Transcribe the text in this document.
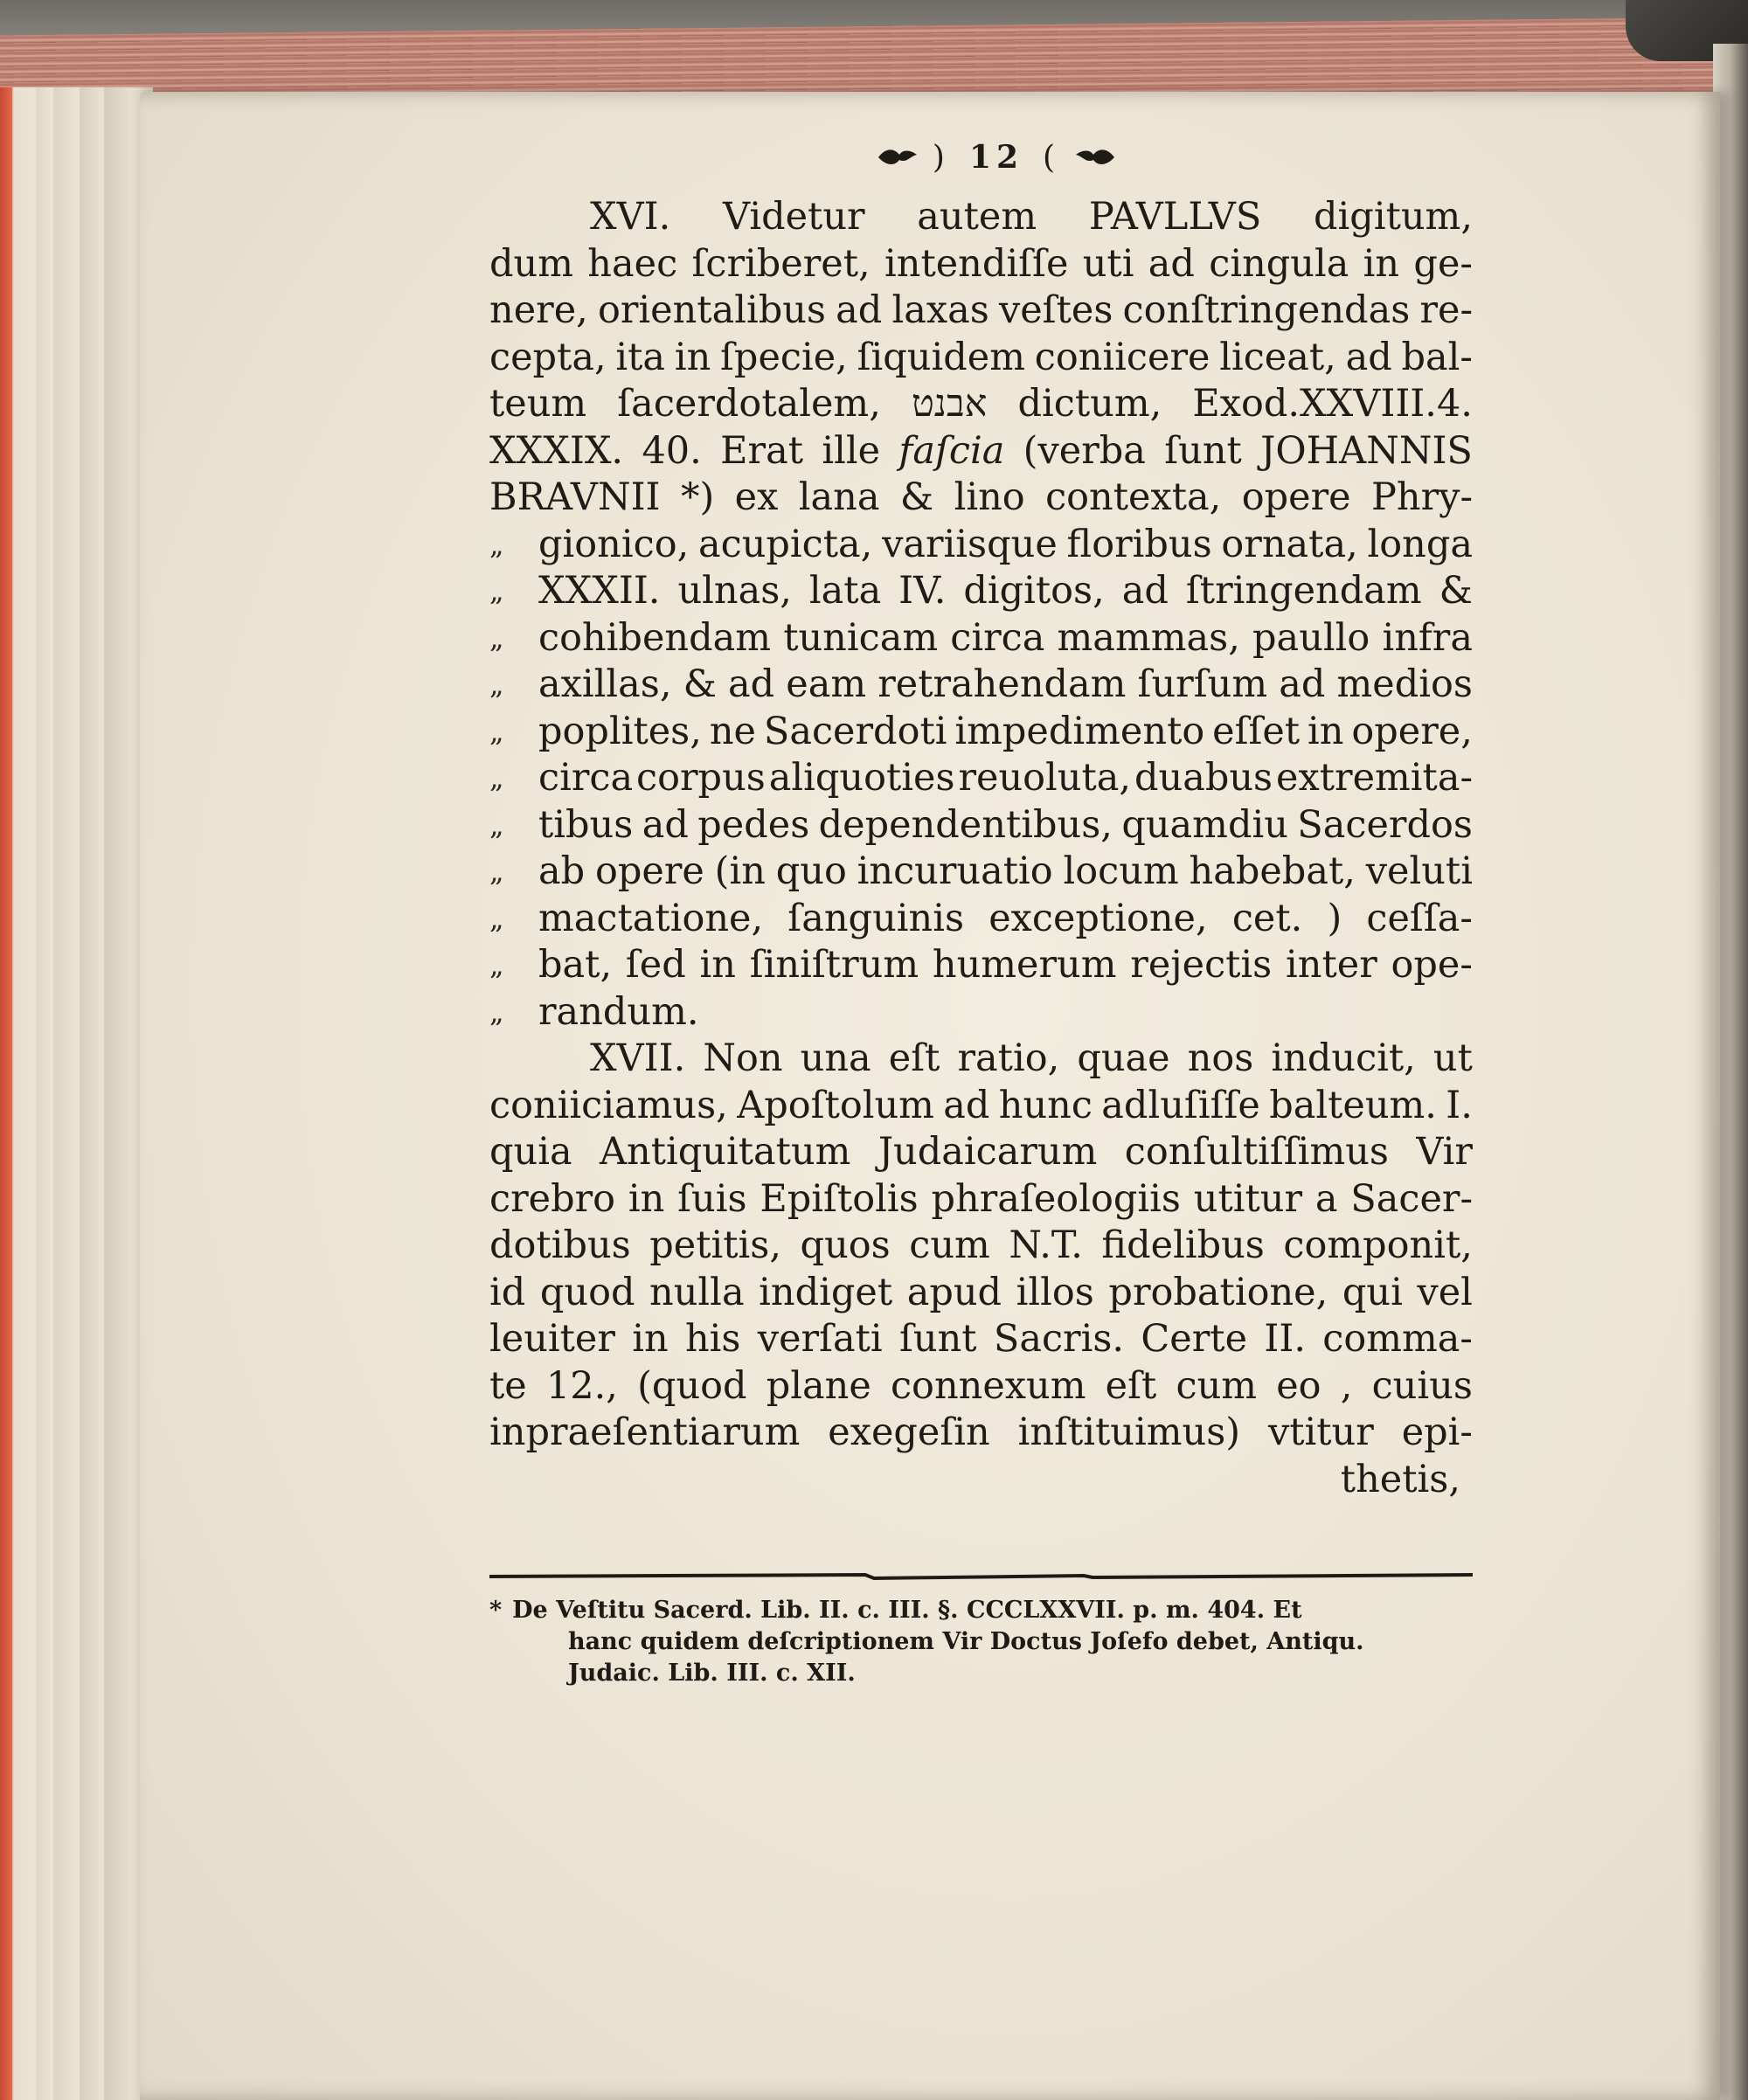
) 12 (
XVI. Videtur autem PAVLLVS digitum,
dum haec ſcriberet, intendiſſe uti ad cingula in ge-
nere, orientalibus ad laxas veſtes conſtringendas re-
cepta, ita in ſpecie, ſiquidem coniicere liceat, ad bal-
teum ſacerdotalem, אבנט dictum, Exod.XXVIII.4.
XXXIX. 40. Erat ille faſcia (verba ſunt JOHANNIS
BRAVNII *) ex lana & lino contexta, opere Phry-
„ gionico, acupicta, variisque floribus ornata, longa
„ XXXII. ulnas, lata IV. digitos, ad ſtringendam &
„ cohibendam tunicam circa mammas, paullo infra
„ axillas, & ad eam retrahendam ſurſum ad medios
„ poplites, ne Sacerdoti impedimento eſſet in opere,
„ circa corpus aliquoties reuoluta, duabus extremita-
„ tibus ad pedes dependentibus, quamdiu Sacerdos
„ ab opere (in quo incuruatio locum habebat, veluti
„ mactatione, ſanguinis exceptione, cet. ) ceſſa-
„ bat, ſed in ſiniſtrum humerum rejectis inter ope-
„ randum.
XVII. Non una eſt ratio, quae nos inducit, ut
coniiciamus, Apoſtolum ad hunc adluſiſſe balteum. I.
quia Antiquitatum Judaicarum conſultiſſimus Vir
crebro in ſuis Epiſtolis phraſeologiis utitur a Sacer-
dotibus petitis, quos cum N.T. fidelibus componit,
id quod nulla indiget apud illos probatione, qui vel
leuiter in his verſati ſunt Sacris. Certe II. comma-
te 12., (quod plane connexum eſt cum eo , cuius
inpraeſentiarum exegeſin inſtituimus) vtitur epi-
thetis,
* De Veſtitu Sacerd. Lib. II. c. III. §. CCCLXXVII. p. m. 404. Et
hanc quidem deſcriptionem Vir Doctus Joſefo debet, Antiqu.
Judaic. Lib. III. c. XII.
